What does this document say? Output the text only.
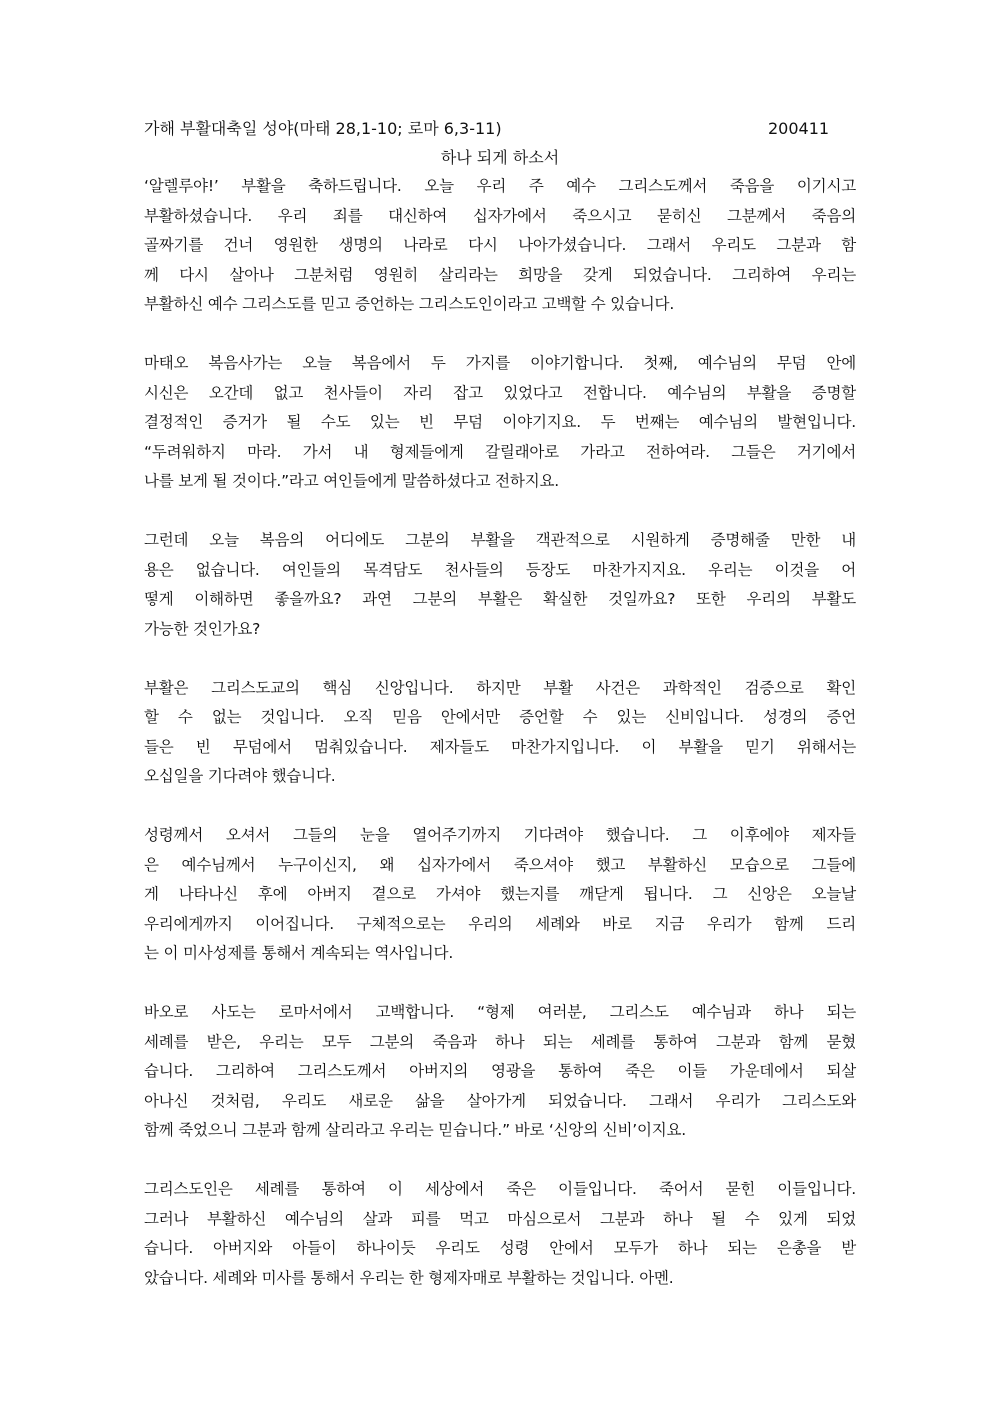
가해 부활대축일 성야(마태 28,1-10; 로마 6,3-11)	200411
하나 되게 하소서
‘알렐루야!’ 부활을 축하드립니다. 오늘 우리 주 예수 그리스도께서 죽음을 이기시고
부활하셨습니다. 우리 죄를 대신하여 십자가에서 죽으시고 묻히신 그분께서 죽음의
골짜기를 건너 영원한 생명의 나라로 다시 나아가셨습니다. 그래서 우리도 그분과 함
께 다시 살아나 그분처럼 영원히 살리라는 희망을 갖게 되었습니다. 그리하여 우리는
부활하신 예수 그리스도를 믿고 증언하는 그리스도인이라고 고백할 수 있습니다.
마태오 복음사가는 오늘 복음에서 두 가지를 이야기합니다. 첫째, 예수님의 무덤 안에
시신은 오간데 없고 천사들이 자리 잡고 있었다고 전합니다. 예수님의 부활을 증명할
결정적인 증거가 될 수도 있는 빈 무덤 이야기지요. 두 번째는 예수님의 발현입니다.
“두려워하지 마라. 가서 내 형제들에게 갈릴래아로 가라고 전하여라. 그들은 거기에서
나를 보게 될 것이다.”라고 여인들에게 말씀하셨다고 전하지요.
그런데 오늘 복음의 어디에도 그분의 부활을 객관적으로 시원하게 증명해줄 만한 내
용은 없습니다. 여인들의 목격담도 천사들의 등장도 마찬가지지요. 우리는 이것을 어
떻게 이해하면 좋을까요? 과연 그분의 부활은 확실한 것일까요? 또한 우리의 부활도
가능한 것인가요?
부활은 그리스도교의 핵심 신앙입니다. 하지만 부활 사건은 과학적인 검증으로 확인
할 수 없는 것입니다. 오직 믿음 안에서만 증언할 수 있는 신비입니다. 성경의 증언
들은 빈 무덤에서 멈춰있습니다. 제자들도 마찬가지입니다. 이 부활을 믿기 위해서는
오십일을 기다려야 했습니다.
성령께서 오셔서 그들의 눈을 열어주기까지 기다려야 했습니다. 그 이후에야 제자들
은 예수님께서 누구이신지, 왜 십자가에서 죽으셔야 했고 부활하신 모습으로 그들에
게 나타나신 후에 아버지 곁으로 가셔야 했는지를 깨닫게 됩니다. 그 신앙은 오늘날
우리에게까지 이어집니다. 구체적으로는 우리의 세례와 바로 지금 우리가 함께 드리
는 이 미사성제를 통해서 계속되는 역사입니다.
바오로 사도는 로마서에서 고백합니다. “형제 여러분, 그리스도 예수님과 하나 되는
세례를 받은, 우리는 모두 그분의 죽음과 하나 되는 세례를 통하여 그분과 함께 묻혔
습니다. 그리하여 그리스도께서 아버지의 영광을 통하여 죽은 이들 가운데에서 되살
아나신 것처럼, 우리도 새로운 삶을 살아가게 되었습니다. 그래서 우리가 그리스도와
함께 죽었으니 그분과 함께 살리라고 우리는 믿습니다.” 바로 ‘신앙의 신비’이지요.
그리스도인은 세례를 통하여 이 세상에서 죽은 이들입니다. 죽어서 묻힌 이들입니다.
그러나 부활하신 예수님의 살과 피를 먹고 마심으로서 그분과 하나 될 수 있게 되었
습니다. 아버지와 아들이 하나이듯 우리도 성령 안에서 모두가 하나 되는 은총을 받
았습니다. 세례와 미사를 통해서 우리는 한 형제자매로 부활하는 것입니다. 아멘.
